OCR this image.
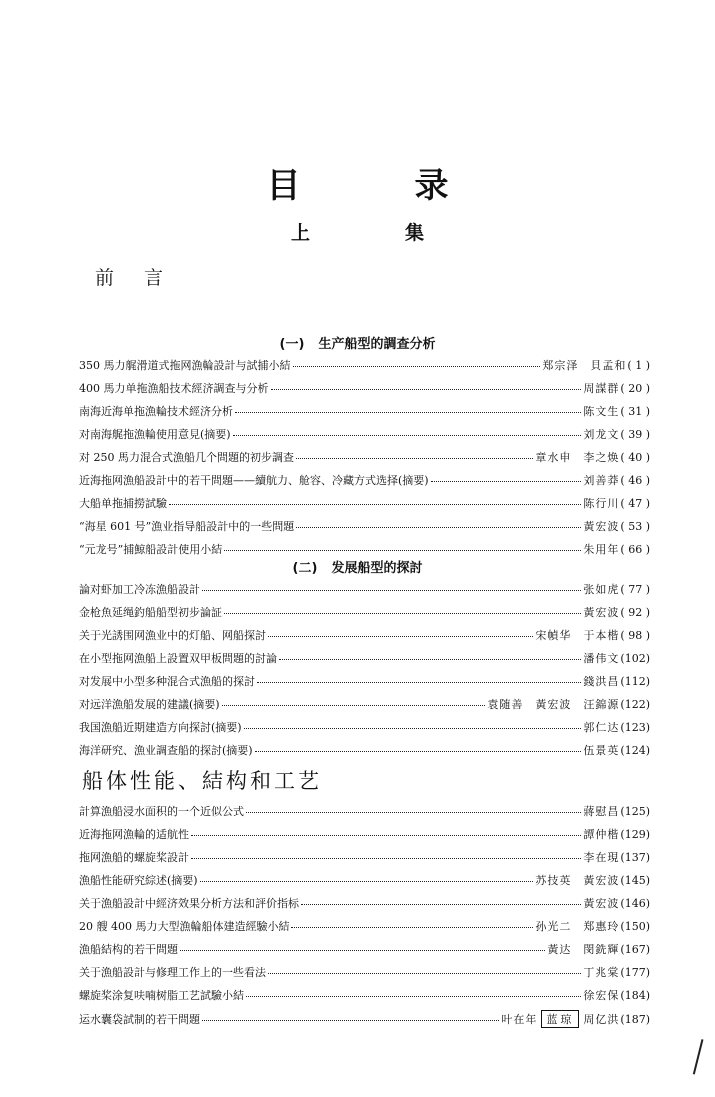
目　录
上　集
前言
(一) 生产船型的調查分析
350 馬力艉滑道式拖网漁輪設計与試捕小結	郑宗泽 貝孟和 ( 1 )
400 馬力单拖漁船技术經济調查与分析	周謀群 ( 20 )
南海近海单拖漁輪技术經济分析	陈文生 ( 31 )
对南海艉拖漁輪使用意見(摘要)	刘龙文 ( 39 )
对 250 馬力混合式漁船几个問題的初步調查	章水申 李之焕 ( 40 )
近海拖网漁船設計中的若干問題——續航力、舱容、冷藏方式选择(摘要)	刘善莽 ( 46 )
大船单拖捕撈試驗	陈行川 ( 47 )
“海星 601 号”漁业指导船設計中的一些問題	黃宏波 ( 53 )
“元龙号”捕鯨船設計使用小結	朱用年 ( 66 )
(二) 发展船型的探討
論对虾加工冷冻漁船設計	张如虎 ( 77 )
金枪魚延绳釣船船型初步論証	黃宏波 ( 92 )
关于光誘围网漁业中的灯船、网船探討	宋幀华 于本楷 ( 98 )
在小型拖网漁船上設置双甲板問題的討論	潘伟文 (102)
对发展中小型多种混合式漁船的探討	錢洪昌 (112)
对远洋漁船发展的建議(摘要)	袁随善 黃宏波 汪錦源 (122)
我国漁船近期建造方向探討(摘要)	郭仁达 (123)
海洋研究、漁业調查船的探討(摘要)	伍景英 (124)
船体性能、結构和工艺
計算漁船浸水面积的一个近似公式	蔣慰昌 (125)
近海拖网漁輪的适航性	譚仲楷 (129)
拖网漁船的螺旋桨設計	李在現 (137)
漁船性能研究綜述(摘要)	苏技英 黃宏波 (145)
关于漁船設計中經济效果分析方法和評价指标	黃宏波 (146)
20 艘 400 馬力大型漁輪船体建造經驗小結	孙光二 郑惠玲 (150)
漁船結构的若干問題	黃达 閔銑輝 (167)
关于漁船設計与修理工作上的一些看法	丁兆棠 (177)
螺旋桨涂复呋喃树脂工艺試驗小結	徐宏保 (184)
运水囊袋試制的若干問題	叶在年 蓝琼 周亿洪 (187)
